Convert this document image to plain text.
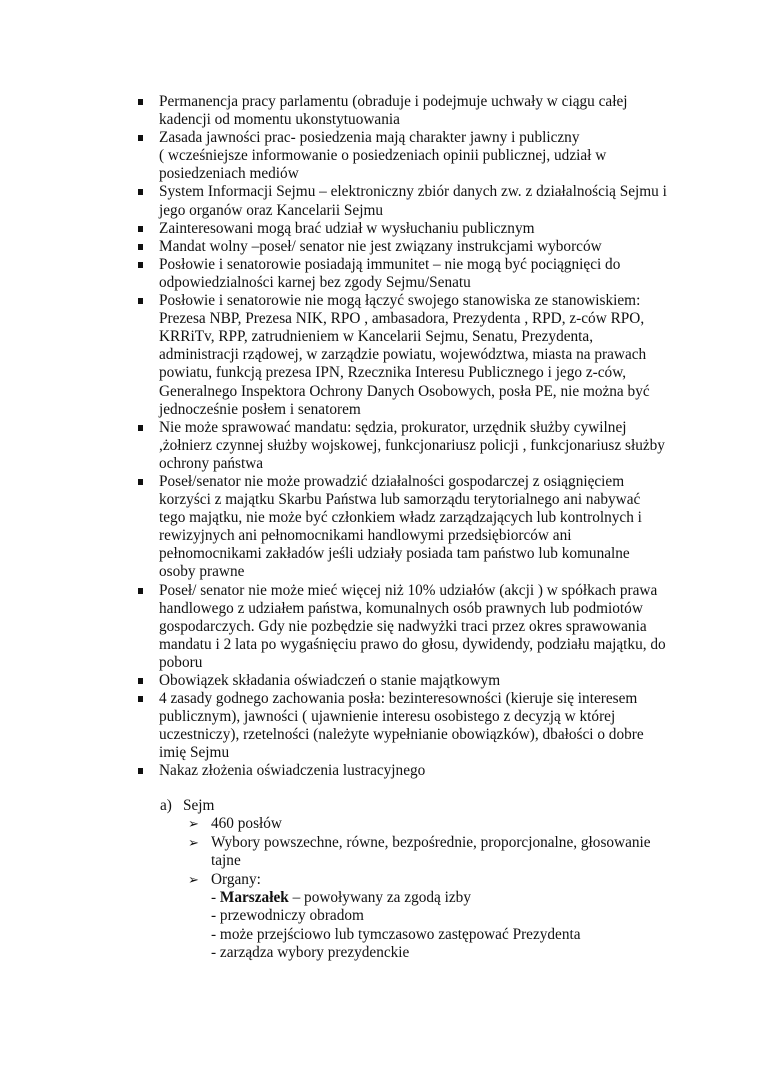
Permanencja pracy parlamentu (obraduje i podejmuje uchwały w ciągu całej
kadencji od momentu ukonstytuowania
Zasada jawności prac- posiedzenia mają charakter jawny i publiczny
( wcześniejsze informowanie o posiedzeniach opinii publicznej, udział w
posiedzeniach mediów
System Informacji Sejmu – elektroniczny zbiór danych zw. z działalnością Sejmu i
jego organów oraz Kancelarii Sejmu
Zainteresowani mogą brać udział w wysłuchaniu publicznym
Mandat wolny –poseł/ senator nie jest związany instrukcjami wyborców
Posłowie i senatorowie posiadają immunitet – nie mogą być pociągnięci do
odpowiedzialności karnej bez zgody Sejmu/Senatu
Posłowie i senatorowie nie mogą łączyć swojego stanowiska ze stanowiskiem:
Prezesa NBP, Prezesa NIK, RPO , ambasadora, Prezydenta , RPD, z-ców RPO,
KRRiTv, RPP, zatrudnieniem w Kancelarii Sejmu, Senatu, Prezydenta,
administracji rządowej, w zarządzie powiatu, województwa, miasta na prawach
powiatu, funkcją prezesa IPN, Rzecznika Interesu Publicznego i jego z-ców,
Generalnego Inspektora Ochrony Danych Osobowych, posła PE, nie można być
jednocześnie posłem i senatorem
Nie może sprawować mandatu: sędzia, prokurator, urzędnik służby cywilnej
,żołnierz czynnej służby wojskowej, funkcjonariusz policji , funkcjonariusz służby
ochrony państwa
Poseł/senator nie może prowadzić działalności gospodarczej z osiągnięciem
korzyści z majątku Skarbu Państwa lub samorządu terytorialnego ani nabywać
tego majątku, nie może być członkiem władz zarządzających lub kontrolnych i
rewizyjnych ani pełnomocnikami handlowymi przedsiębiorców ani
pełnomocnikami zakładów jeśli udziały posiada tam państwo lub komunalne
osoby prawne
Poseł/ senator nie może mieć więcej niż 10% udziałów (akcji ) w spółkach prawa
handlowego z udziałem państwa, komunalnych osób prawnych lub podmiotów
gospodarczych. Gdy nie pozbędzie się nadwyżki traci przez okres sprawowania
mandatu i 2 lata po wygaśnięciu prawo do głosu, dywidendy, podziału majątku, do
poboru
Obowiązek składania oświadczeń o stanie majątkowym
4 zasady godnego zachowania posła: bezinteresowności (kieruje się interesem
publicznym), jawności ( ujawnienie interesu osobistego z decyzją w której
uczestniczy), rzetelności (należyte wypełnianie obowiązków), dbałości o dobre
imię Sejmu
Nakaz złożenia oświadczenia lustracyjnego
a) Sejm
➢ 460 posłów
➢ Wybory powszechne, równe, bezpośrednie, proporcjonalne, głosowanie
tajne
➢ Organy:
- Marszałek – powoływany za zgodą izby
- przewodniczy obradom
- może przejściowo lub tymczasowo zastępować Prezydenta
- zarządza wybory prezydenckie
